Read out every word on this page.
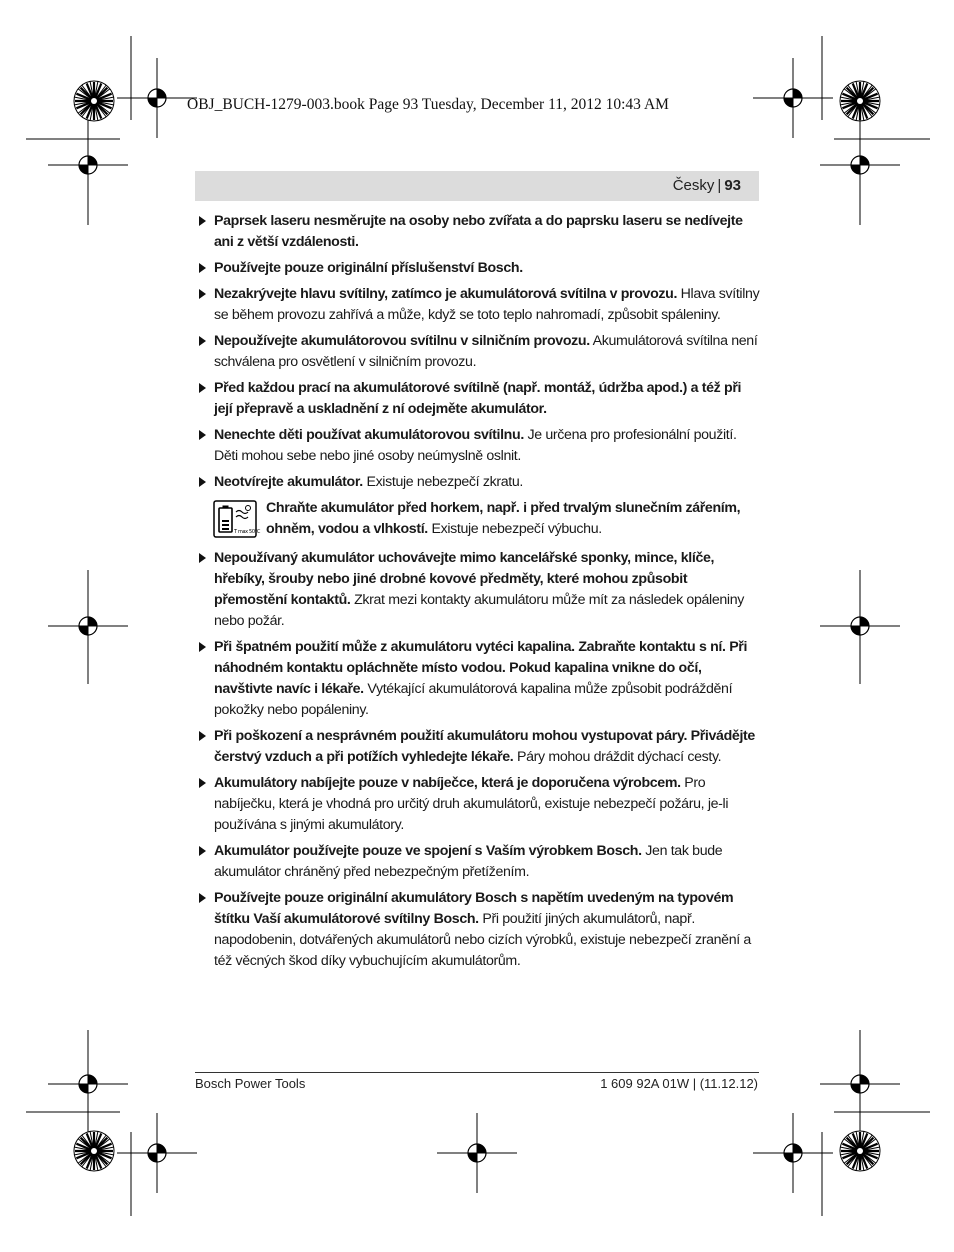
OBJ_BUCH-1279-003.book Page 93 Tuesday, December 11, 2012 10:43 AM
Česky | 93
Paprsek laseru nesměrujte na osoby nebo zvířata a do paprsku laseru se nedívejte ani z větší vzdálenosti.
Používejte pouze originální příslušenství Bosch.
Nezakrývejte hlavu svítilny, zatímco je akumulátorová svítilna v provozu. Hlava svítilny se během provozu zahřívá a může, když se toto teplo nahromadí, způsobit spáleniny.
Nepoužívejte akumulátorovou svítilnu v silničním provozu. Akumulátorová svítilna není schválena pro osvětlení v silničním provozu.
Před každou prací na akumulátorové svítilně (např. montáž, údržba apod.) a též při její přepravě a uskladnění z ní odejměte akumulátor.
Nenechte děti používat akumulátorovou svítilnu. Je určena pro profesionální použití. Děti mohou sebe nebo jiné osoby neúmyslně oslnit.
Neotvírejte akumulátor. Existuje nebezpečí zkratu.
T max 50°C
Chraňte akumulátor před horkem, např. i před trvalým slunečním zářením, ohněm, vodou a vlhkostí. Existuje nebezpečí výbuchu.
Nepoužívaný akumulátor uchovávejte mimo kancelářské sponky, mince, klíče, hřebíky, šrouby nebo jiné drobné kovové předměty, které mohou způsobit přemostění kontaktů. Zkrat mezi kontakty akumulátoru může mít za následek opáleniny nebo požár.
Při špatném použití může z akumulátoru vytéci kapalina. Zabraňte kontaktu s ní. Při náhodném kontaktu opláchněte místo vodou. Pokud kapalina vnikne do očí, navštivte navíc i lékaře. Vytékající akumulátorová kapalina může způsobit podráždění pokožky nebo popáleniny.
Při poškození a nesprávném použití akumulátoru mohou vystupovat páry. Přivádějte čerstvý vzduch a při potížích vyhledejte lékaře. Páry mohou dráždit dýchací cesty.
Akumulátory nabíjejte pouze v nabíječce, která je doporučena výrobcem. Pro nabíječku, která je vhodná pro určitý druh akumulátorů, existuje nebezpečí požáru, je-li používána s jinými akumulátory.
Akumulátor používejte pouze ve spojení s Vaším výrobkem Bosch. Jen tak bude akumulátor chráněný před nebezpečným přetížením.
Používejte pouze originální akumulátory Bosch s napětím uvedeným na typovém štítku Vaší akumulátorové svítilny Bosch. Při použití jiných akumulátorů, např. napodobenin, dotvářených akumulátorů nebo cizích výrobků, existuje nebezpečí zranění a též věcných škod díky vybuchujícím akumulátorům.
Bosch Power Tools	1 609 92A 01W | (11.12.12)
